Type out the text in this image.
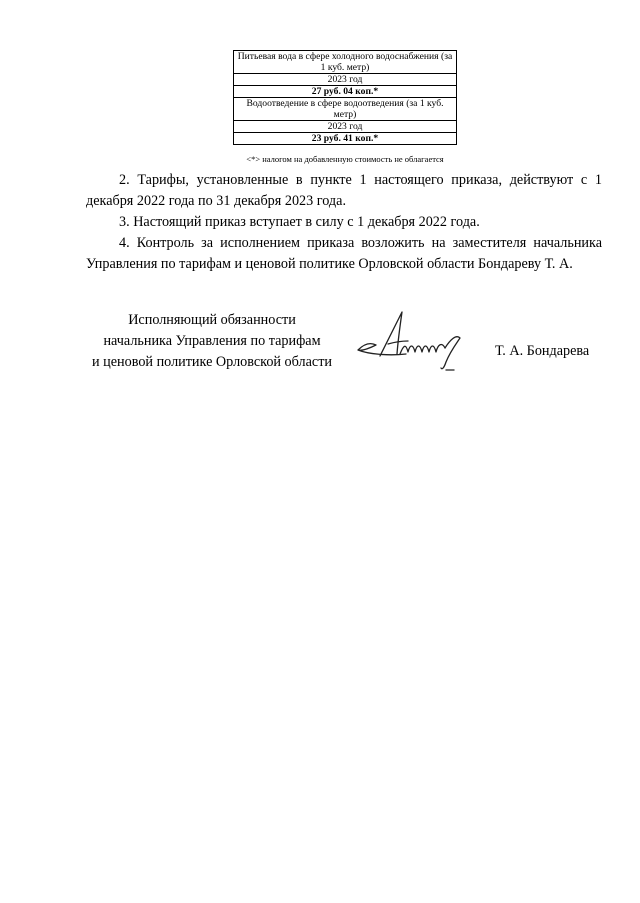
Питьевая вода в сфере холодного водоснабжения (за 1 куб. метр)
2023 год
27 руб. 04 коп.*
Водоотведение в сфере водоотведения (за 1 куб. метр)
2023 год
23 руб. 41 коп.*
<*> налогом на добавленную стоимость не облагается

2. Тарифы, установленные в пункте 1 настоящего приказа, действуют с 1 декабря 2022 года по 31 декабря 2023 года.

3. Настоящий приказ вступает в силу с 1 декабря 2022 года.

4. Контроль за исполнением приказа возложить на заместителя начальника Управления по тарифам и ценовой политике Орловской области Бондареву Т. А.

Исполняющий обязанности
начальника Управления по тарифам
и ценовой политике Орловской области
Т. А. Бондарева
